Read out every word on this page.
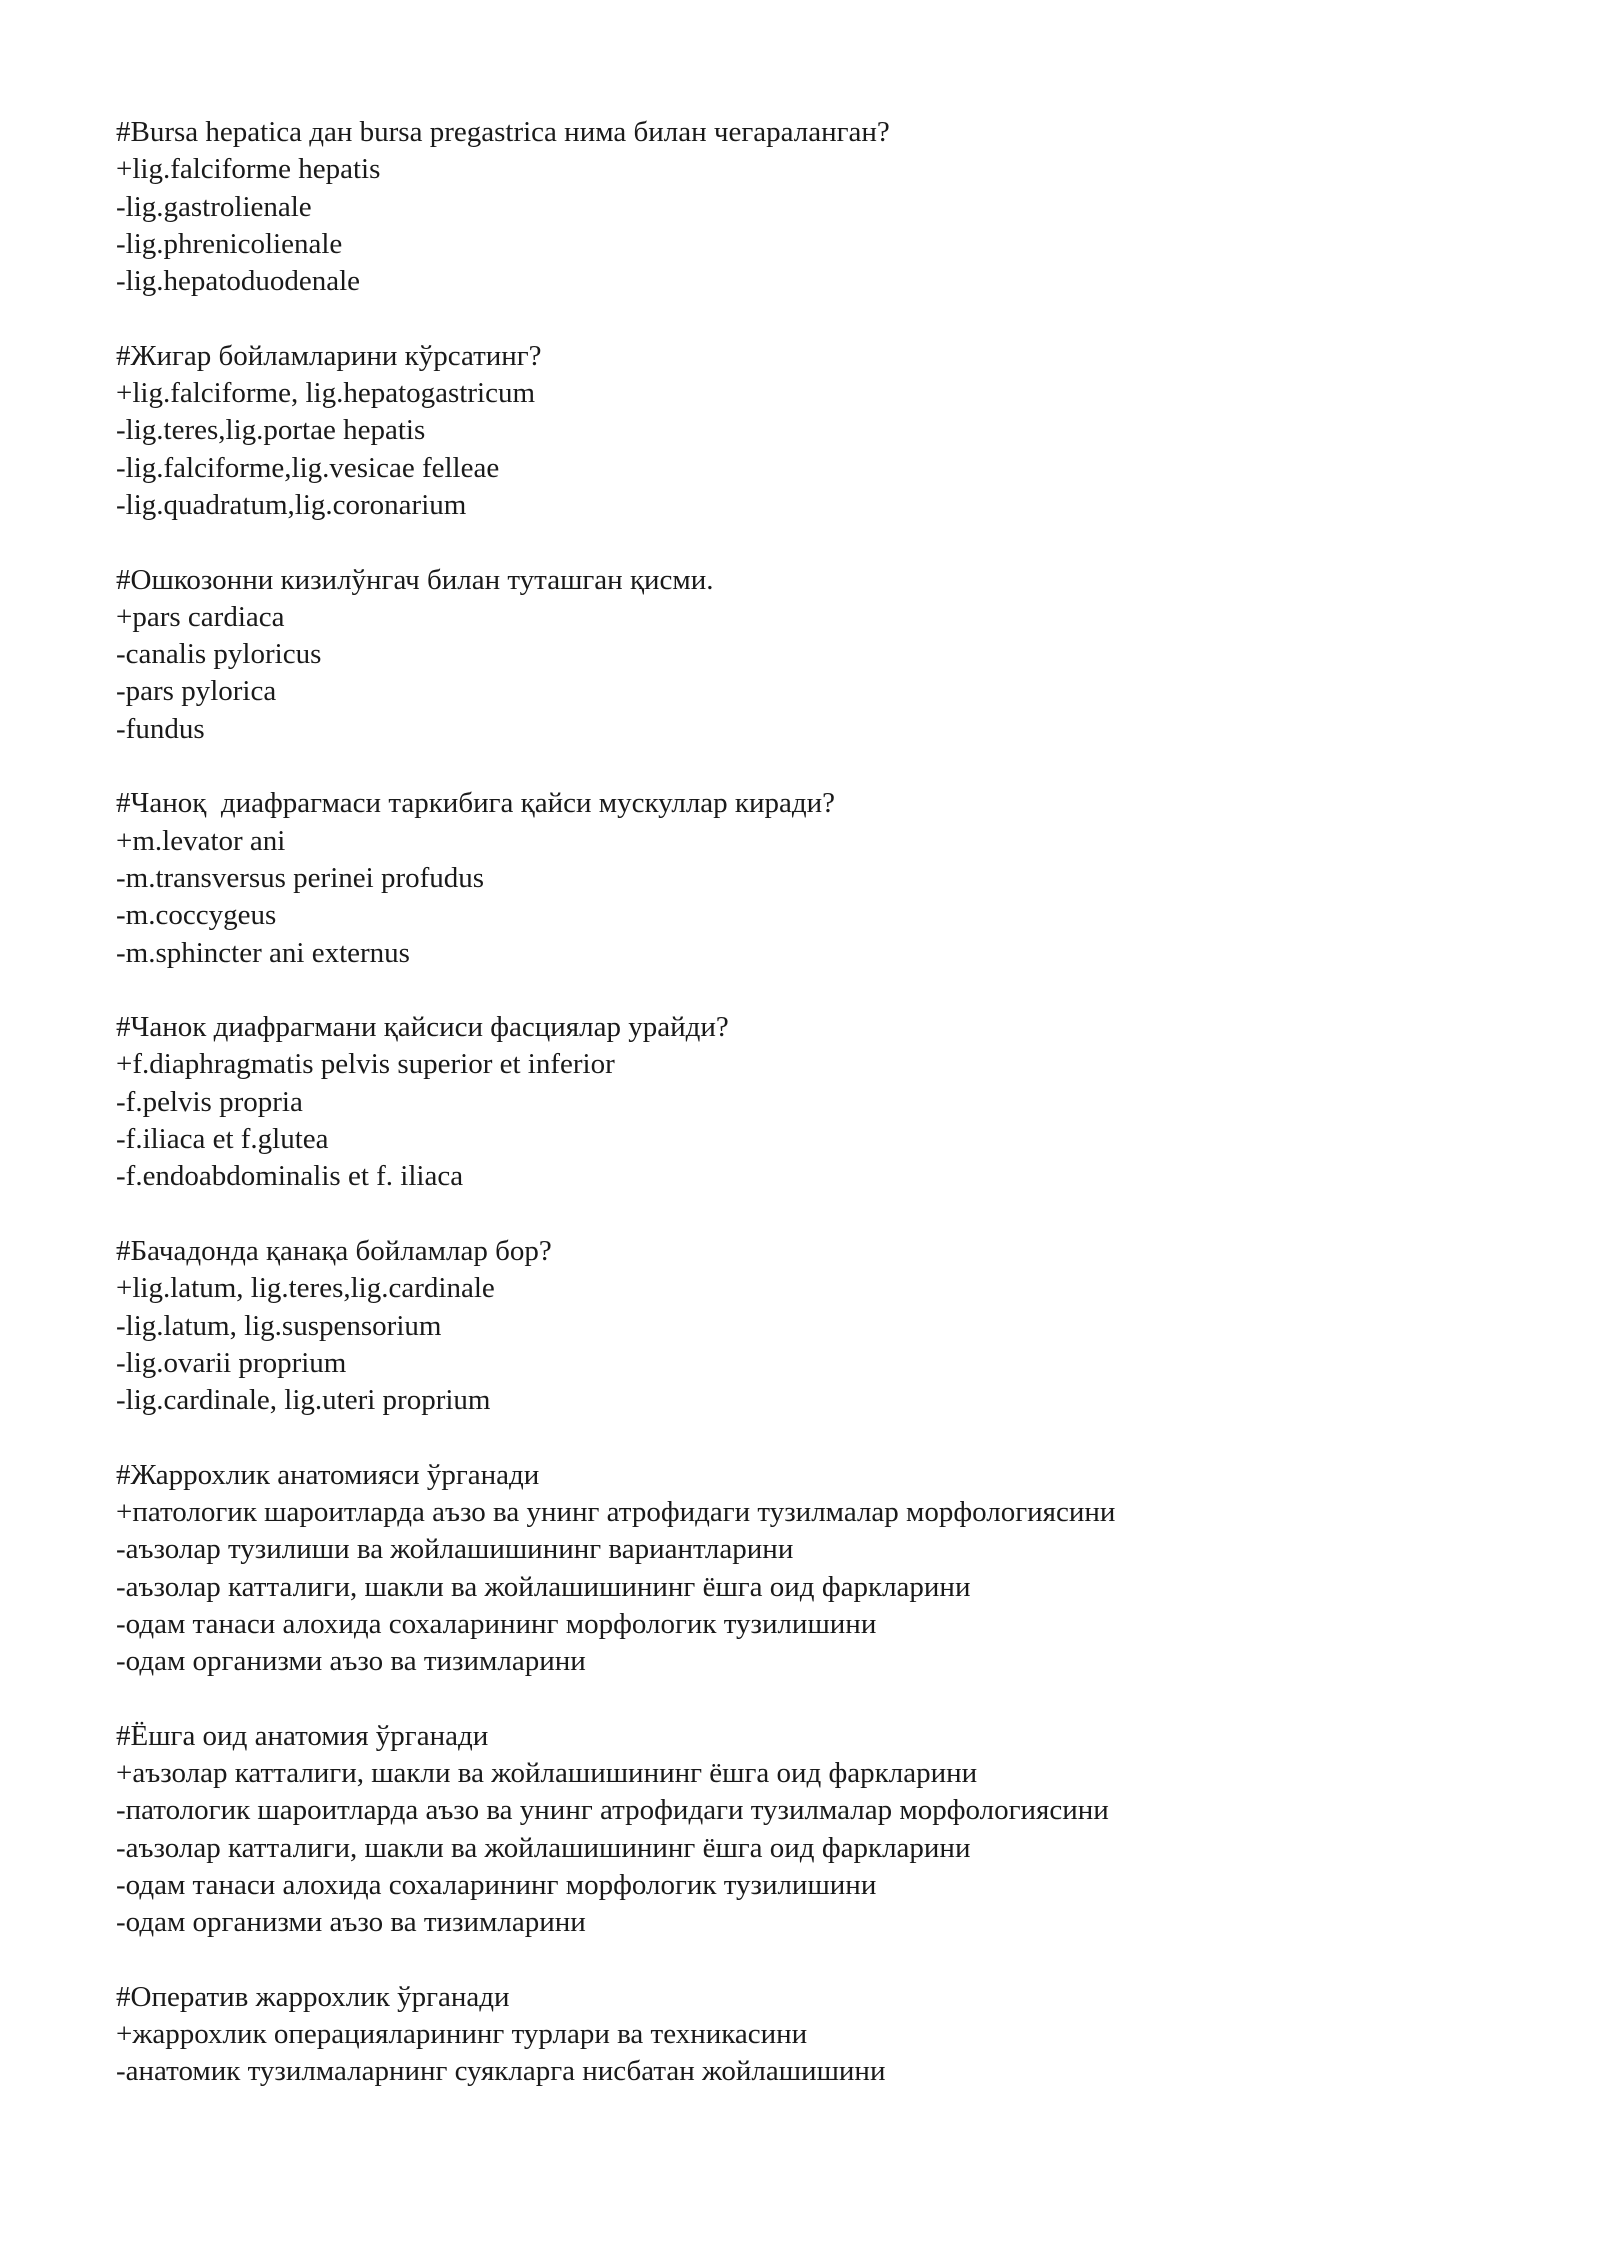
#Bursa hepatica дан bursa pregastrica нима билан чегараланган?
+lig.falciforme hepatis
-lig.gastrolienale
-lig.phrenicolienale
-lig.hepatoduodenale
#Жигар бойламларини кўрсатинг?
+lig.falciforme, lig.hepatogastricum
-lig.teres,lig.portae hepatis
-lig.falciforme,lig.vesicae felleae
-lig.quadratum,lig.coronarium
#Ошкозонни кизилўнгач билан туташган қисми.
+pars cardiaca
-canalis pyloricus
-pars pylorica
-fundus
#Чаноқ  диафрагмаси таркибига қайси мускуллар киради?
+m.levator ani
-m.transversus perinei profudus
-m.coccygeus
-m.sphincter ani externus
#Чанок диафрагмани қайсиси фасциялар урайди?
+f.diaphragmatis pelvis superior et inferior
-f.pelvis propria
-f.iliaca et f.glutea
-f.endoabdominalis et f. iliaca
#Бачадонда қанақа бойламлар бор?
+lig.latum, lig.teres,lig.cardinale
-lig.latum, lig.suspensorium
-lig.ovarii proprium
-lig.cardinale, lig.uteri proprium
#Жаррохлик анатомияси ўрганади
+патологик шароитларда аъзо ва унинг атрофидаги тузилмалар морфологиясини
-аъзолар тузилиши ва жойлашишининг вариантларини
-аъзолар катталиги, шакли ва жойлашишининг ёшга оид фаркларини
-одам танаси алохида сохаларининг морфологик тузилишини
-одам организми аъзо ва тизимларини
#Ёшга оид анатомия ўрганади
+аъзолар катталиги, шакли ва жойлашишининг ёшга оид фаркларини
-патологик шароитларда аъзо ва унинг атрофидаги тузилмалар морфологиясини
-аъзолар катталиги, шакли ва жойлашишининг ёшга оид фаркларини
-одам танаси алохида сохаларининг морфологик тузилишини
-одам организми аъзо ва тизимларини
#Оператив жаррохлик ўрганади
+жаррохлик операцияларининг турлари ва техникасини
-анатомик тузилмаларнинг суякларга нисбатан жойлашишини
